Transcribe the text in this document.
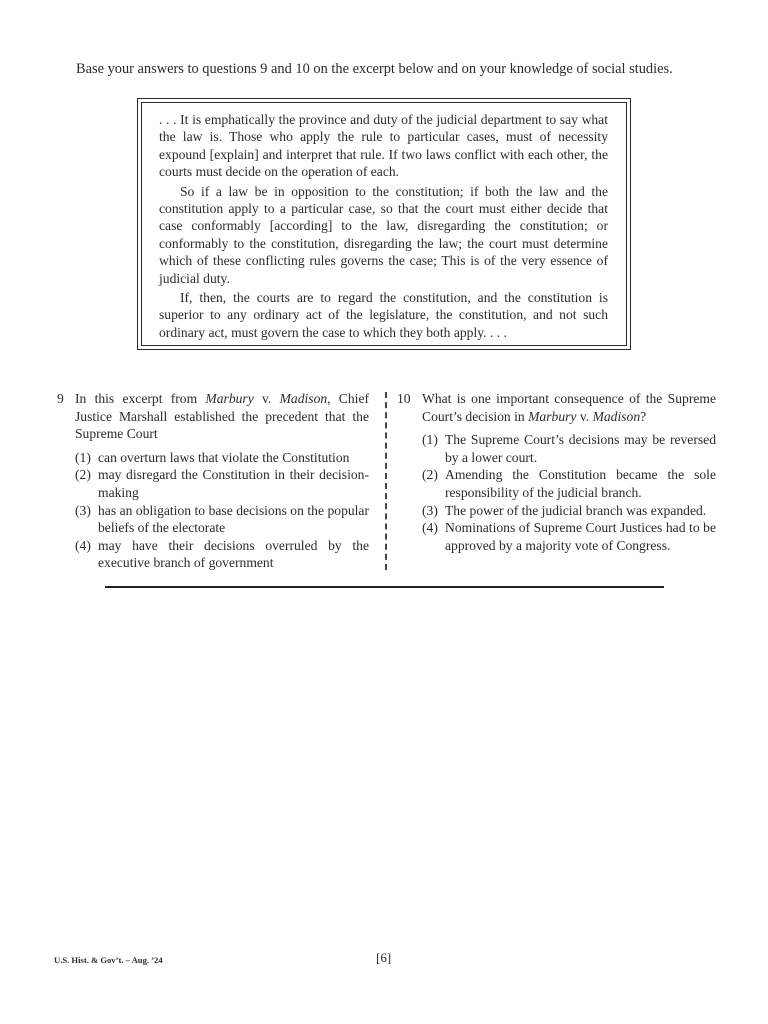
Base your answers to questions 9 and 10 on the excerpt below and on your knowledge of social studies.

. . . It is emphatically the province and duty of the judicial department to say what the law is. Those who apply the rule to particular cases, must of necessity expound [explain] and interpret that rule. If two laws conflict with each other, the courts must decide on the operation of each.

So if a law be in opposition to the constitution; if both the law and the constitution apply to a particular case, so that the court must either decide that case conformably [according] to the law, disregarding the constitution; or conformably to the constitution, disregarding the law; the court must determine which of these conflicting rules governs the case; This is of the very essence of judicial duty.

If, then, the courts are to regard the constitution, and the constitution is superior to any ordinary act of the legislature, the constitution, and not such ordinary act, must govern the case to which they both apply. . . .

9 In this excerpt from Marbury v. Madison, Chief Justice Marshall established the precedent that the Supreme Court
(1) can overturn laws that violate the Constitution
(2) may disregard the Constitution in their decision-making
(3) has an obligation to base decisions on the popular beliefs of the electorate
(4) may have their decisions overruled by the executive branch of government
10 What is one important consequence of the Supreme Court’s decision in Marbury v. Madison?
(1) The Supreme Court’s decisions may be reversed by a lower court.
(2) Amending the Constitution became the sole responsibility of the judicial branch.
(3) The power of the judicial branch was expanded.
(4) Nominations of Supreme Court Justices had to be approved by a majority vote of Congress.
U.S. Hist. & Gov’t. – Aug. ’24	[6]
